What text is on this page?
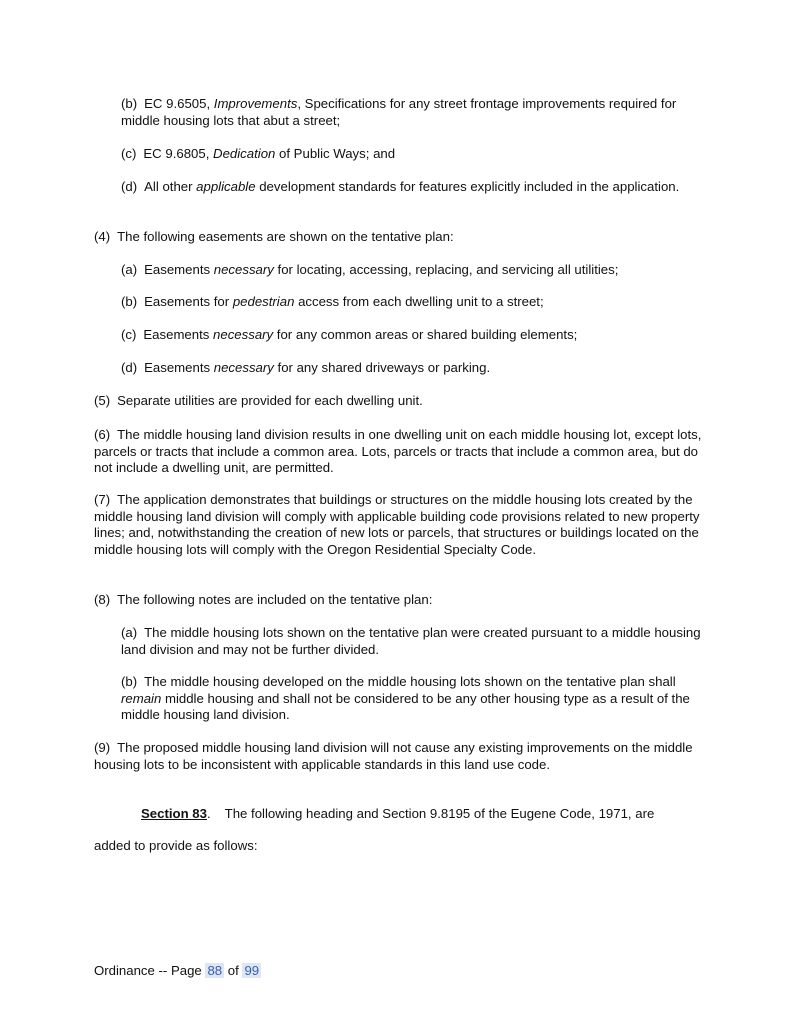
(b) EC 9.6505, Improvements, Specifications for any street frontage improvements required for middle housing lots that abut a street;

(c) EC 9.6805, Dedication of Public Ways; and

(d) All other applicable development standards for features explicitly included in the application.

(4) The following easements are shown on the tentative plan:

(a) Easements necessary for locating, accessing, replacing, and servicing all utilities;

(b) Easements for pedestrian access from each dwelling unit to a street;

(c) Easements necessary for any common areas or shared building elements;

(d) Easements necessary for any shared driveways or parking.

(5) Separate utilities are provided for each dwelling unit.

(6) The middle housing land division results in one dwelling unit on each middle housing lot, except lots, parcels or tracts that include a common area. Lots, parcels or tracts that include a common area, but do not include a dwelling unit, are permitted.

(7) The application demonstrates that buildings or structures on the middle housing lots created by the middle housing land division will comply with applicable building code provisions related to new property lines; and, notwithstanding the creation of new lots or parcels, that structures or buildings located on the middle housing lots will comply with the Oregon Residential Specialty Code.

(8) The following notes are included on the tentative plan:

(a) The middle housing lots shown on the tentative plan were created pursuant to a middle housing land division and may not be further divided.

(b) The middle housing developed on the middle housing lots shown on the tentative plan shall remain middle housing and shall not be considered to be any other housing type as a result of the middle housing land division.

(9) The proposed middle housing land division will not cause any existing improvements on the middle housing lots to be inconsistent with applicable standards in this land use code.

Section 83. The following heading and Section 9.8195 of the Eugene Code, 1971, are

added to provide as follows:

Ordinance -- Page 88 of 99
